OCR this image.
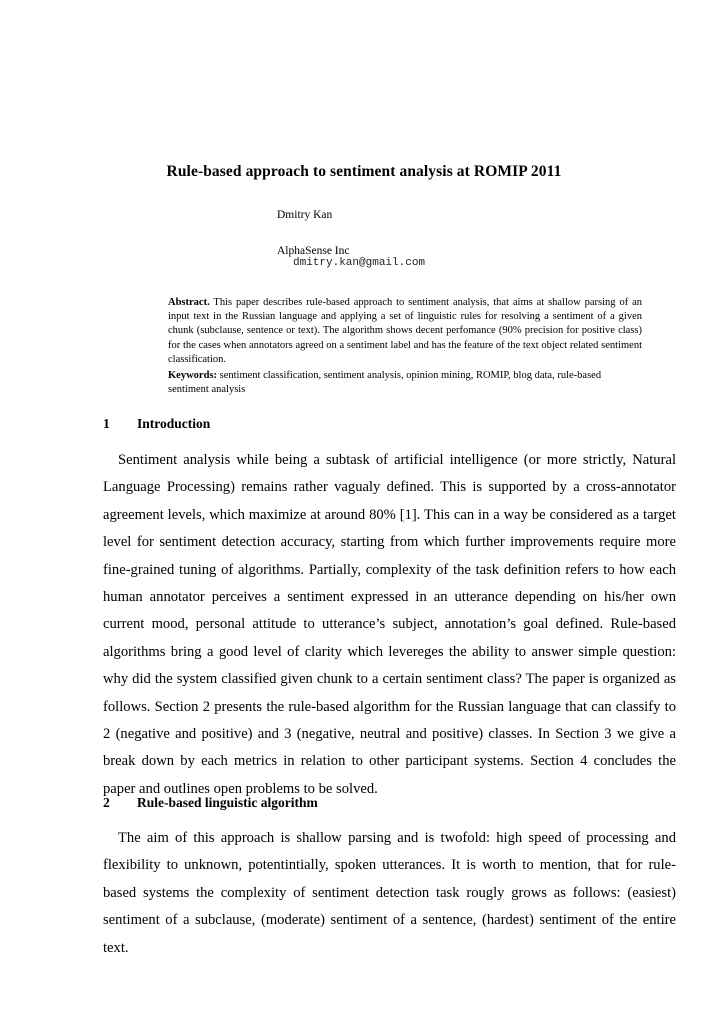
Rule-based approach to sentiment analysis at ROMIP 2011
Dmitry Kan
AlphaSense Inc
dmitry.kan@gmail.com
Abstract. This paper describes rule-based approach to sentiment analysis, that aims at shallow parsing of an input text in the Russian language and applying a set of linguistic rules for resolving a sentiment of a given chunk (subclause, sentence or text). The algorithm shows decent perfomance (90% precision for positive class) for the cases when annotators agreed on a sentiment label and has the feature of the text object related sentiment classification.
Keywords: sentiment classification, sentiment analysis, opinion mining, ROMIP, blog data, rule-based sentiment analysis
1 Introduction

Sentiment analysis while being a subtask of artificial intelligence (or more strictly, Natural Language Processing) remains rather vagualy defined. This is supported by a cross-annotator agreement levels, which maximize at around 80% [1]. This can in a way be considered as a target level for sentiment detection accuracy, starting from which further improvements require more fine-grained tuning of algorithms. Partially, complexity of the task definition refers to how each human annotator perceives a sentiment expressed in an utterance depending on his/her own current mood, personal attitude to utterance’s subject, annotation’s goal defined. Rule-based algorithms bring a good level of clarity which levereges the ability to answer simple question: why did the system classified given chunk to a certain sentiment class? The paper is organized as follows. Section 2 presents the rule-based algorithm for the Russian language that can classify to 2 (negative and positive) and 3 (negative, neutral and positive) classes. In Section 3 we give a break down by each metrics in relation to other participant systems. Section 4 concludes the paper and outlines open problems to be solved.

2 Rule-based linguistic algorithm

The aim of this approach is shallow parsing and is twofold: high speed of processing and flexibility to unknown, potentintially, spoken utterances. It is worth to mention, that for rule-based systems the complexity of sentiment detection task rougly grows as follows: (easiest) sentiment of a subclause, (moderate) sentiment of a sentence, (hardest) sentiment of the entire text.
